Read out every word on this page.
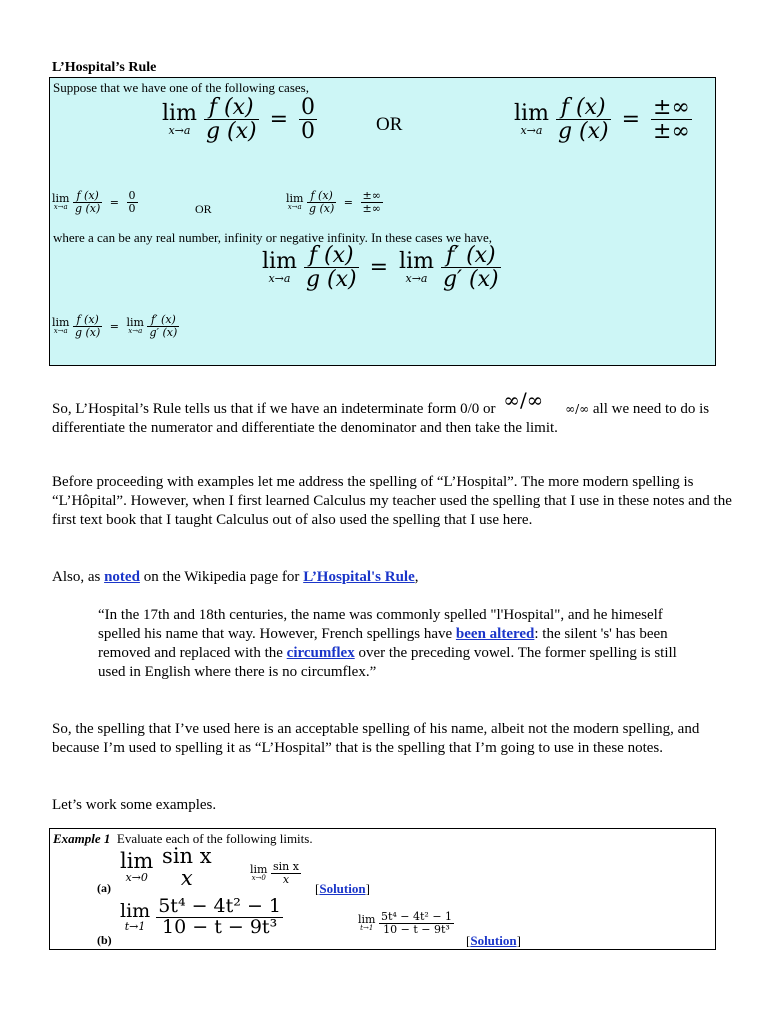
L’Hospital’s Rule
Suppose that we have one of the following cases,
lim
x→a
$\frac{f (x)}{g (x)} = \frac{0}{0}$	OR	lim
x→a
$\frac{f (x)}{g (x)} = \frac{\pm\infty}{\pm\infty}$
lim
x→a
$\frac{f (x)}{g (x)} = \frac{0}{0}$	OR
lim
x→a
$\frac{f (x)}{g (x)} = \frac{\pm\infty}{\pm\infty}$
where a can be any real number, infinity or negative infinity. In these cases we have,
lim
x→a
$\frac{f (x)}{g (x)} = \lim$
x→a
$\frac{f' (x)}{g' (x)}$
lim
x→a
$\frac{f (x)}{g (x)} = \lim$
x→a
$\frac{f' (x)}{g' (x)}$
So, L’Hospital’s Rule tells us that if we have an indeterminate form 0/0 or ∞/∞ ∞/∞ all we need to do is differentiate the numerator and differentiate the denominator and then take the limit.
Before proceeding with examples let me address the spelling of “L’Hospital”. The more modern spelling is “L’Hôpital”. However, when I first learned Calculus my teacher used the spelling that I use in these notes and the first text book that I taught Calculus out of also used the spelling that I use here.
Also, as noted on the Wikipedia page for L’Hospital's Rule,
“In the 17th and 18th centuries, the name was commonly spelled "l'Hospital", and he himeself spelled his name that way. However, French spellings have been altered: the silent 's' has been removed and replaced with the circumflex over the preceding vowel. The former spelling is still used in English where there is no circumflex.”
So, the spelling that I’ve used here is an acceptable spelling of his name, albeit not the modern spelling, and because I’m used to spelling it as “L’Hospital” that is the spelling that I’m going to use in these notes.
Let’s work some examples.
Example 1 Evaluate each of the following limits.
(a)
lim
x→0

sin x
x	lim
x→0
$\frac{\text{sin x}}{x}$
[Solution]
(b)
lim
t→1
$\frac{\text{5t⁴ − 4t² − 1}}{\text{10 − t − 9t³}}$	lim
t→1
$\frac{\text{5t⁴ − 4t² − 1}}{\text{10 − t − 9t³}}$
[Solution]
